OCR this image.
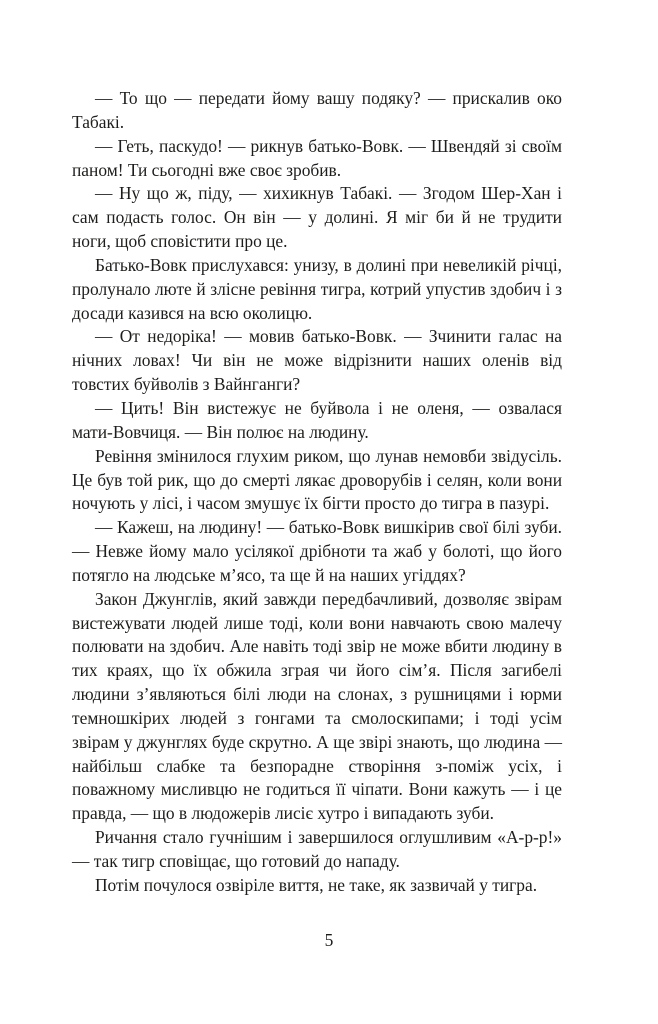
— То що — передати йому вашу подяку? — прискалив око Табакі.

— Геть, паскудо! — рикнув батько-Вовк. — Швендяй зі своїм паном! Ти сьогодні вже своє зробив.

— Ну що ж, піду, — хихикнув Табакі. — Згодом Шер-Хан і сам подасть голос. Он він — у долині. Я міг би й не трудити ноги, щоб сповістити про це.

Батько-Вовк прислухався: унизу, в долині при невеликій річці, пролунало люте й злісне ревіння тигра, котрий упустив здобич і з досади казився на всю околицю.

— От недоріка! — мовив батько-Вовк. — Зчинити галас на нічних ловах! Чи він не може відрізнити наших оленів від товстих буйволів з Вайнганги?

— Цить! Він вистежує не буйвола і не оленя, — озвалася мати-Вовчиця. — Він полює на людину.

Ревіння змінилося глухим риком, що лунав немовби звідусіль. Це був той рик, що до смерті лякає дроворубів і селян, коли вони ночують у лісі, і часом змушує їх бігти просто до тигра в пазурі.

— Кажеш, на людину! — батько-Вовк вишкірив свої білі зуби. — Невже йому мало усілякої дрібноти та жаб у болоті, що його потягло на людське м’ясо, та ще й на наших угіддях?

Закон Джунглів, який завжди передбачливий, дозволяє звірам вистежувати людей лише тоді, коли вони навчають свою малечу полювати на здобич. Але навіть тоді звір не може вбити людину в тих краях, що їх обжила зграя чи його сім’я. Після загибелі людини з’являються білі люди на слонах, з рушницями і юрми темношкірих людей з гонгами та смолоскипами; і тоді усім звірам у джунглях буде скрутно. А ще звірі знають, що людина — найбільш слабке та безпорадне створіння з-поміж усіх, і поважному мисливцю не годиться її чіпати. Вони кажуть — і це правда, — що в людожерів лисіє хутро і випадають зуби.

Ричання стало гучнішим і завершилося оглушливим «А-р-р!» — так тигр сповіщає, що готовий до нападу.

Потім почулося озвіріле виття, не таке, як зазвичай у тигра.

5
